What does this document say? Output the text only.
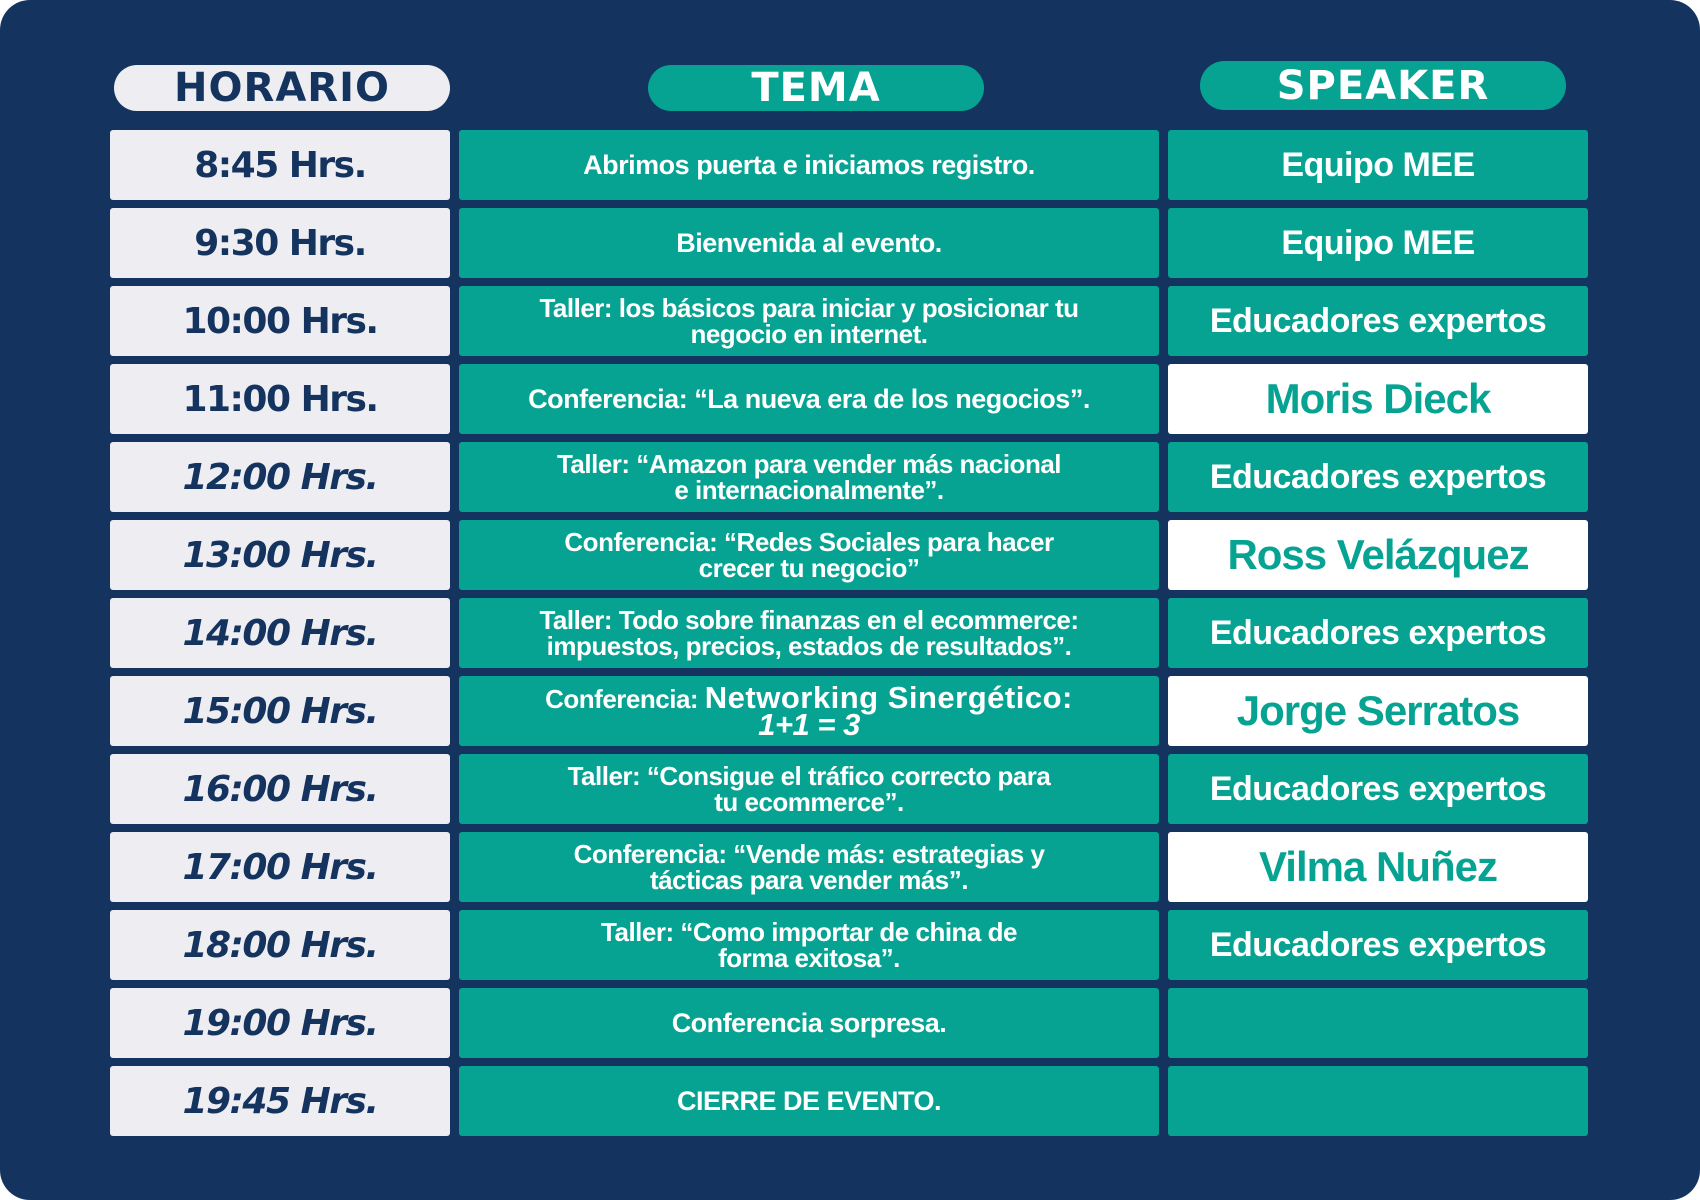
HORARIO	TEMA	SPEAKER
8:45 Hrs.	Abrimos puerta e iniciamos registro.	Equipo MEE
9:30 Hrs.	Bienvenida al evento.	Equipo MEE
10:00 Hrs.	Taller: los básicos para iniciar y posicionar tu
negocio en internet.	Educadores expertos
11:00 Hrs.	Conferencia: “La nueva era de los negocios”.	Moris Dieck
12:00 Hrs.	Taller: “Amazon para vender más nacional
e internacionalmente”.	Educadores expertos
13:00 Hrs.	Conferencia: “Redes Sociales para hacer
crecer tu negocio”	Ross Velázquez
14:00 Hrs.	Taller: Todo sobre finanzas en el ecommerce:
impuestos, precios, estados de resultados”.	Educadores expertos
15:00 Hrs.	Conferencia: Networking Sinergético:
1+1 = 3	Jorge Serratos
16:00 Hrs.	Taller: “Consigue el tráfico correcto para
tu ecommerce”.	Educadores expertos
17:00 Hrs.	Conferencia: “Vende más: estrategias y
tácticas para vender más”.	Vilma Nuñez
18:00 Hrs.	Taller: “Como importar de china de
forma exitosa”.	Educadores expertos
19:00 Hrs.	Conferencia sorpresa.
19:45 Hrs.	CIERRE DE EVENTO.
